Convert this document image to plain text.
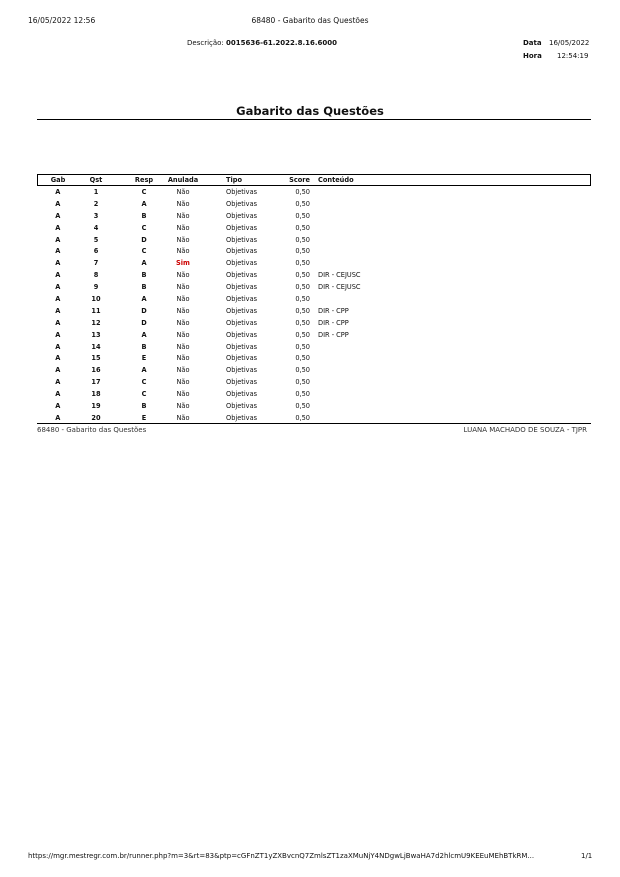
16/05/2022 12:56	68480 - Gabarito das Questões
Descrição: 0015636-61.2022.8.16.6000	Data 16/05/2022
Hora 12:54:19
Gabarito das Questões
Gab	Qst	Resp	Anulada	Tipo	Score	Conteúdo
A	1	C	Não	Objetivas	0,50	
A	2	A	Não	Objetivas	0,50	
A	3	B	Não	Objetivas	0,50	
A	4	C	Não	Objetivas	0,50	
A	5	D	Não	Objetivas	0,50	
A	6	C	Não	Objetivas	0,50	
A	7	A	Sim	Objetivas	0,50	
A	8	B	Não	Objetivas	0,50	DIR - CEJUSC
A	9	B	Não	Objetivas	0,50	DIR - CEJUSC
A	10	A	Não	Objetivas	0,50	
A	11	D	Não	Objetivas	0,50	DIR - CPP
A	12	D	Não	Objetivas	0,50	DIR - CPP
A	13	A	Não	Objetivas	0,50	DIR - CPP
A	14	B	Não	Objetivas	0,50	
A	15	E	Não	Objetivas	0,50	
A	16	A	Não	Objetivas	0,50	
A	17	C	Não	Objetivas	0,50	
A	18	C	Não	Objetivas	0,50	
A	19	B	Não	Objetivas	0,50	
A	20	E	Não	Objetivas	0,50	
68480 - Gabarito das Questões	LUANA MACHADO DE SOUZA - TJPR
https://mgr.mestregr.com.br/runner.php?m=3&rt=83&ptp=cGFnZT1yZXBvcnQ7ZmlsZT1zaXMuNjY4NDgwLjBwaHA7d2hlcmU9KEEuMEhBTkRM...	1/1
